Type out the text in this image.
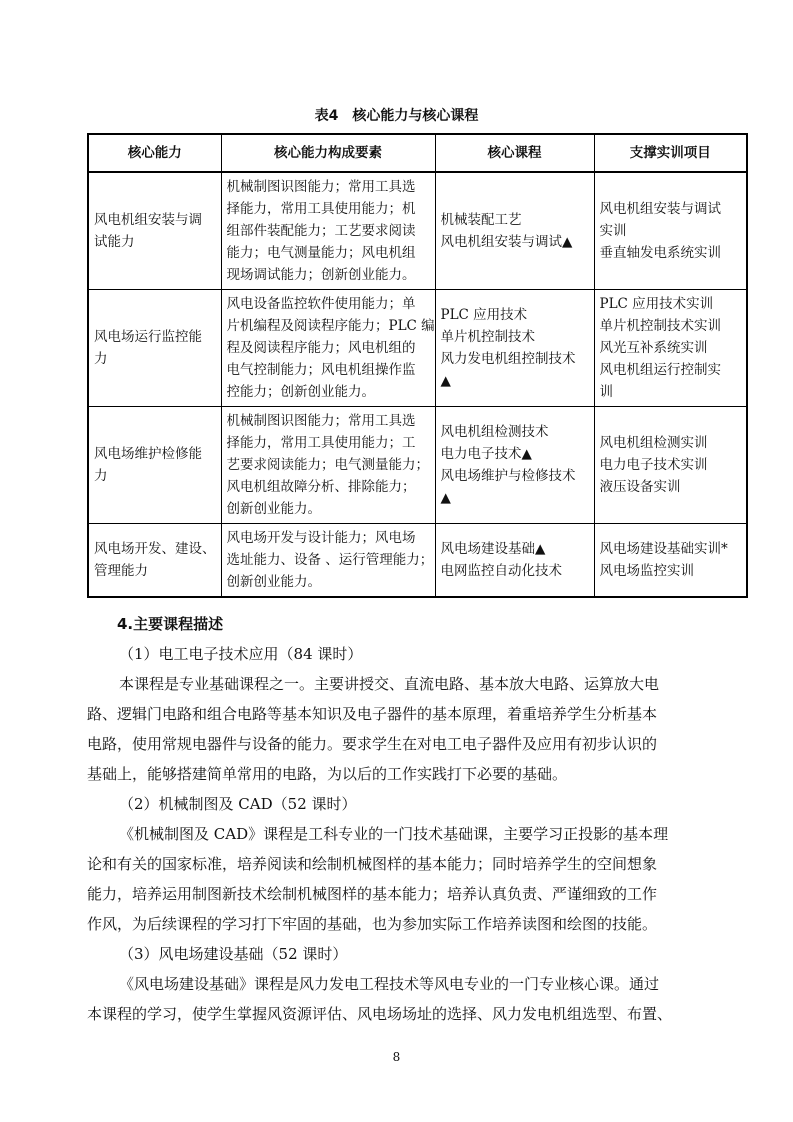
表4　核心能力与核心课程
核心能力	核心能力构成要素	核心课程	支撑实训项目

风电机组安装与调
试能力	机械制图识图能力；常用工具选
择能力，常用工具使用能力；机
组部件装配能力；工艺要求阅读
能力；电气测量能力；风电机组
现场调试能力；创新创业能力。	机械装配工艺
风电机组安装与调试▲	风电机组安装与调试
实训
垂直轴发电系统实训

风电场运行监控能
力	风电设备监控软件使用能力；单
片机编程及阅读程序能力；PLC 编
程及阅读程序能力；风电机组的
电气控制能力；风电机组操作监
控能力；创新创业能力。	PLC 应用技术
单片机控制技术
风力发电机组控制技术
▲	PLC 应用技术实训
单片机控制技术实训
风光互补系统实训
风电机组运行控制实
训

风电场维护检修能
力	机械制图识图能力；常用工具选
择能力，常用工具使用能力；工
艺要求阅读能力；电气测量能力；
风电机组故障分析、排除能力；
创新创业能力。	风电机组检测技术
电力电子技术▲
风电场维护与检修技术
▲	风电机组检测实训
电力电子技术实训
液压设备实训

风电场开发、建设、
管理能力	风电场开发与设计能力；风电场
选址能力、设备 、运行管理能力；
创新创业能力。	风电场建设基础▲
电网监控自动化技术	风电场建设基础实训*
风电场监控实训
4.主要课程描述
（1）电工电子技术应用（84 课时）
本课程是专业基础课程之一。主要讲授交、直流电路、基本放大电路、运算放大电
路、逻辑门电路和组合电路等基本知识及电子器件的基本原理，着重培养学生分析基本
电路，使用常规电器件与设备的能力。要求学生在对电工电子器件及应用有初步认识的
基础上，能够搭建简单常用的电路，为以后的工作实践打下必要的基础。
（2）机械制图及 CAD（52 课时）
《机械制图及 CAD》课程是工科专业的一门技术基础课，主要学习正投影的基本理
论和有关的国家标准，培养阅读和绘制机械图样的基本能力；同时培养学生的空间想象
能力，培养运用制图新技术绘制机械图样的基本能力；培养认真负责、严谨细致的工作
作风，为后续课程的学习打下牢固的基础，也为参加实际工作培养读图和绘图的技能。
（3）风电场建设基础（52 课时）
《风电场建设基础》课程是风力发电工程技术等风电专业的一门专业核心课。通过
本课程的学习，使学生掌握风资源评估、风电场场址的选择、风力发电机组选型、布置、
8
